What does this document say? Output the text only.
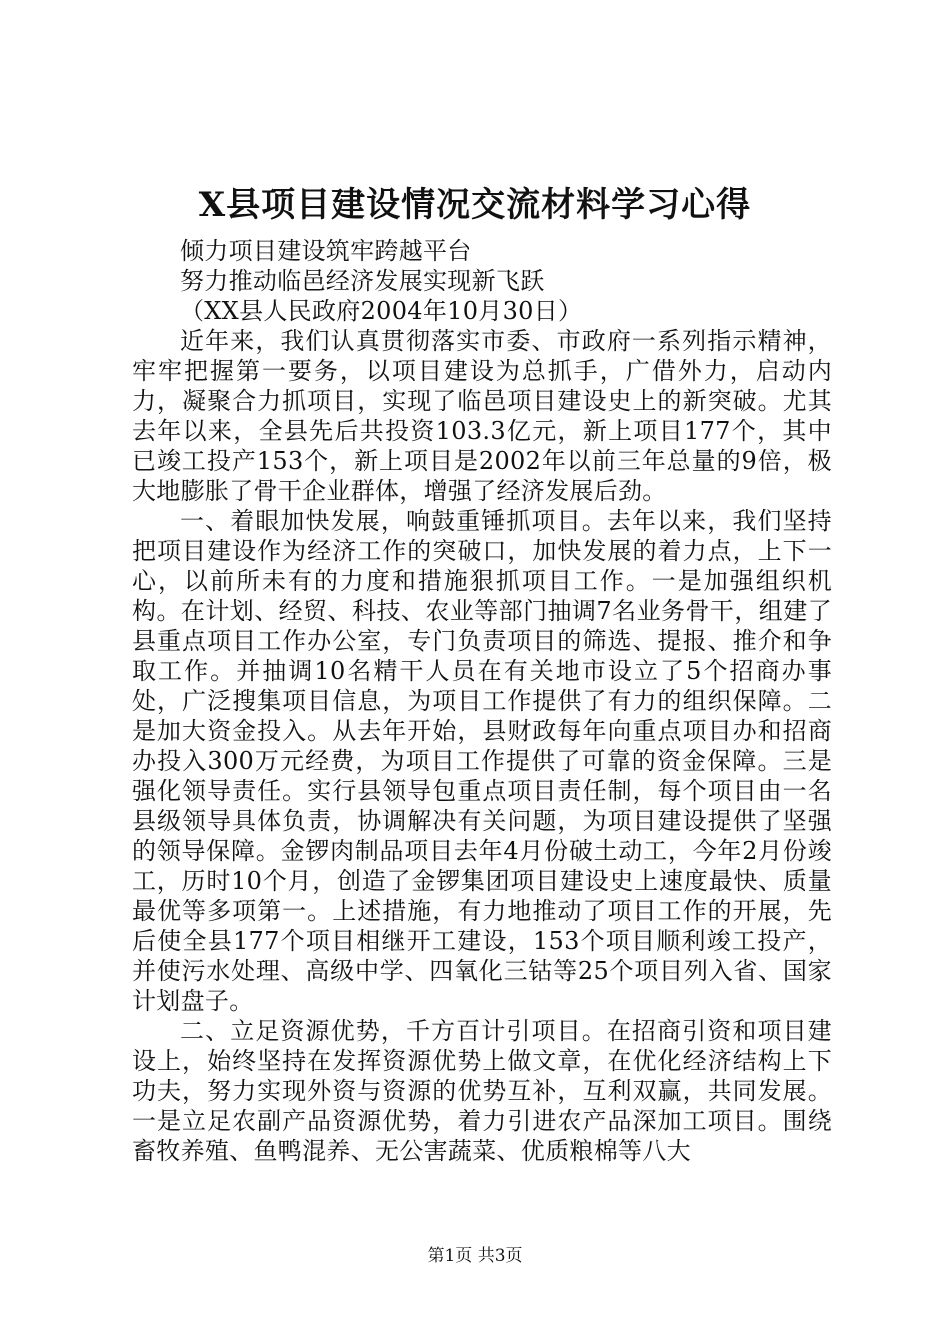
X县项目建设情况交流材料学习心得

倾力项目建设筑牢跨越平台

努力推动临邑经济发展实现新飞跃

（XX县人民政府2004年10月30日）

近年来，我们认真贯彻落实市委、市政府一系列指示精神，牢牢把握第一要务，以项目建设为总抓手，广借外力，启动内力，凝聚合力抓项目，实现了临邑项目建设史上的新突破。尤其去年以来，全县先后共投资103.3亿元，新上项目177个，其中已竣工投产153个，新上项目是2002年以前三年总量的9倍，极大地膨胀了骨干企业群体，增强了经济发展后劲。

一、着眼加快发展，响鼓重锤抓项目。去年以来，我们坚持把项目建设作为经济工作的突破口，加快发展的着力点，上下一心，以前所未有的力度和措施狠抓项目工作。一是加强组织机构。在计划、经贸、科技、农业等部门抽调7名业务骨干，组建了县重点项目工作办公室，专门负责项目的筛选、提报、推介和争取工作。并抽调10名精干人员在有关地市设立了5个招商办事处，广泛搜集项目信息，为项目工作提供了有力的组织保障。二是加大资金投入。从去年开始，县财政每年向重点项目办和招商办投入300万元经费，为项目工作提供了可靠的资金保障。三是强化领导责任。实行县领导包重点项目责任制，每个项目由一名县级领导具体负责，协调解决有关问题，为项目建设提供了坚强的领导保障。金锣肉制品项目去年4月份破土动工，今年2月份竣工，历时10个月，创造了金锣集团项目建设史上速度最快、质量最优等多项第一。上述措施，有力地推动了项目工作的开展，先后使全县177个项目相继开工建设，153个项目顺利竣工投产，并使污水处理、高级中学、四氧化三钴等25个项目列入省、国家计划盘子。

二、立足资源优势，千方百计引项目。在招商引资和项目建设上，始终坚持在发挥资源优势上做文章，在优化经济结构上下功夫，努力实现外资与资源的优势互补，互利双赢，共同发展。一是立足农副产品资源优势，着力引进农产品深加工项目。围绕畜牧养殖、鱼鸭混养、无公害蔬菜、优质粮棉等八大

第1页 共3页
